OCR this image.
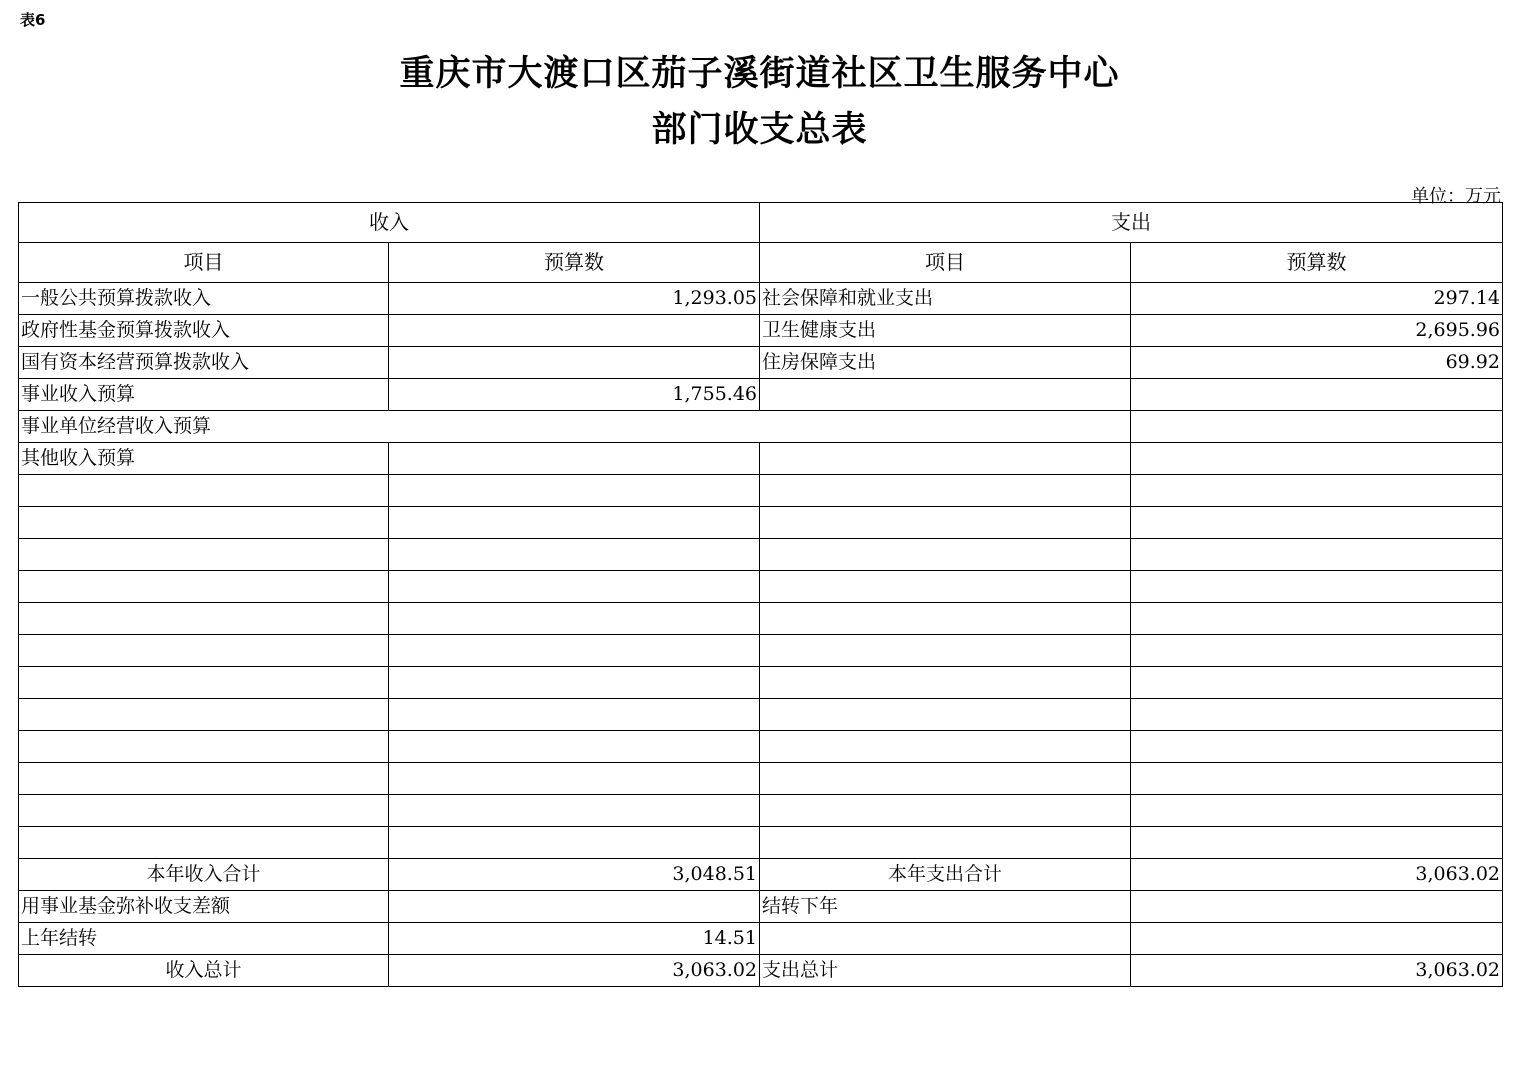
表6
重庆市大渡口区茄子溪街道社区卫生服务中心
部门收支总表
单位：万元
收入		支出	
项目	预算数	项目	预算数
一般公共预算拨款收入	1,293.05	社会保障和就业支出	297.14
政府性基金预算拨款收入		卫生健康支出	2,695.96
国有资本经营预算拨款收入		住房保障支出	69.92
事业收入预算	1,755.46		
事业单位经营收入预算			
其他收入预算			

本年收入合计	3,048.51	本年支出合计	3,063.02
用事业基金弥补收支差额		结转下年	
上年结转	14.51		
收入总计	3,063.02	支出总计	3,063.02
